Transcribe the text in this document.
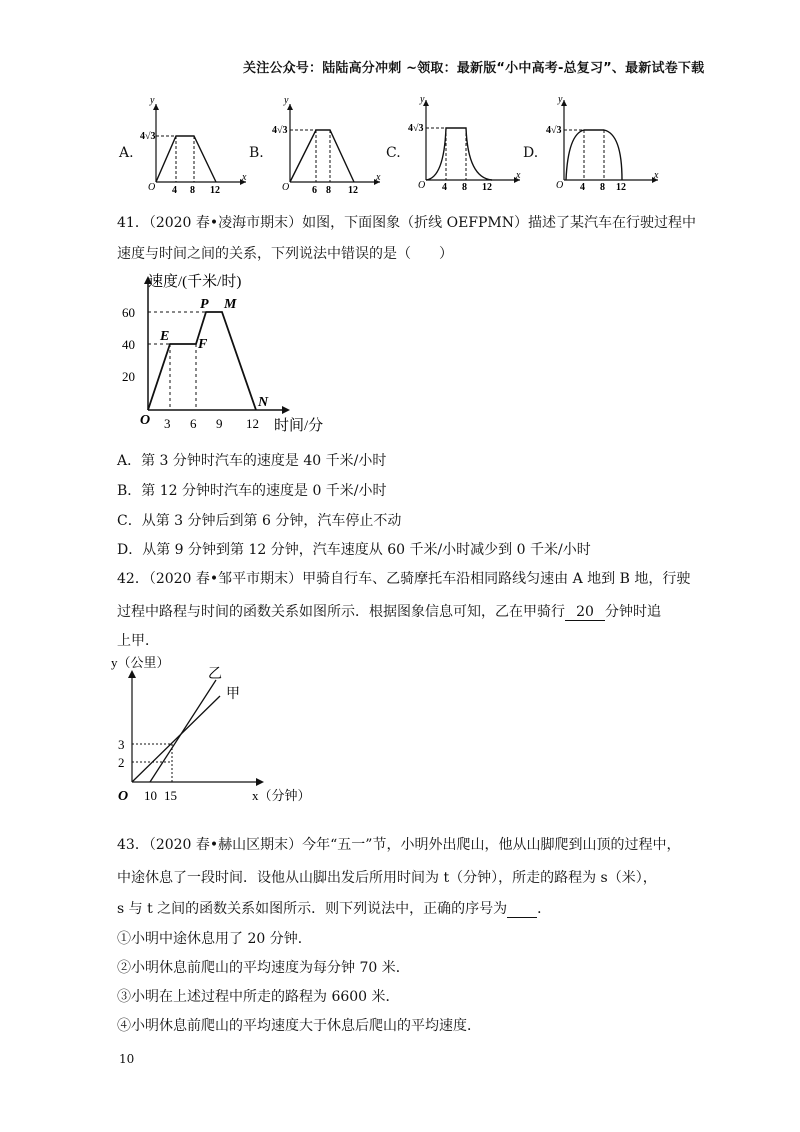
关注公众号：陆陆高分冲刺 ~领取：最新版“小中高考-总复习”、最新试卷下载
A.
4√3
y
O 4 8 12
x
B.
4√3
y
O 6 8 12
x
C.
4√3
y
O 4 8 12
x
D.
4√3
y
O 4 8 12
x
41．（2020 春•凌海市期末）如图，下面图象（折线 OEFPMN）描述了某汽车在行驶过程中
速度与时间之间的关系，下列说法中错误的是（　　）
速度/(千米/时)
60
40
20
3 6 9 12 时间/分
O
E
F
P M
N
A．第 3 分钟时汽车的速度是 40 千米/小时
B．第 12 分钟时汽车的速度是 0 千米/小时
C．从第 3 分钟后到第 6 分钟，汽车停止不动
D．从第 9 分钟到第 12 分钟，汽车速度从 60 千米/小时减少到 0 千米/小时
42．（2020 春•邹平市期末）甲骑自行车、乙骑摩托车沿相同路线匀速由 A 地到 B 地，行驶
过程中路程与时间的函数关系如图所示．根据图象信息可知，乙在甲骑行 20 分钟时追
上甲．
y（公里）
3
2
O 10 15	x（分钟）
乙
甲
43．（2020 春•赫山区期末）今年“五一”节，小明外出爬山，他从山脚爬到山顶的过程中，
中途休息了一段时间．设他从山脚出发后所用时间为 t（分钟），所走的路程为 s（米），
s 与 t 之间的函数关系如图所示．则下列说法中，正确的序号为 ．
①小明中途休息用了 20 分钟．
②小明休息前爬山的平均速度为每分钟 70 米．
③小明在上述过程中所走的路程为 6600 米．
④小明休息前爬山的平均速度大于休息后爬山的平均速度．
10
